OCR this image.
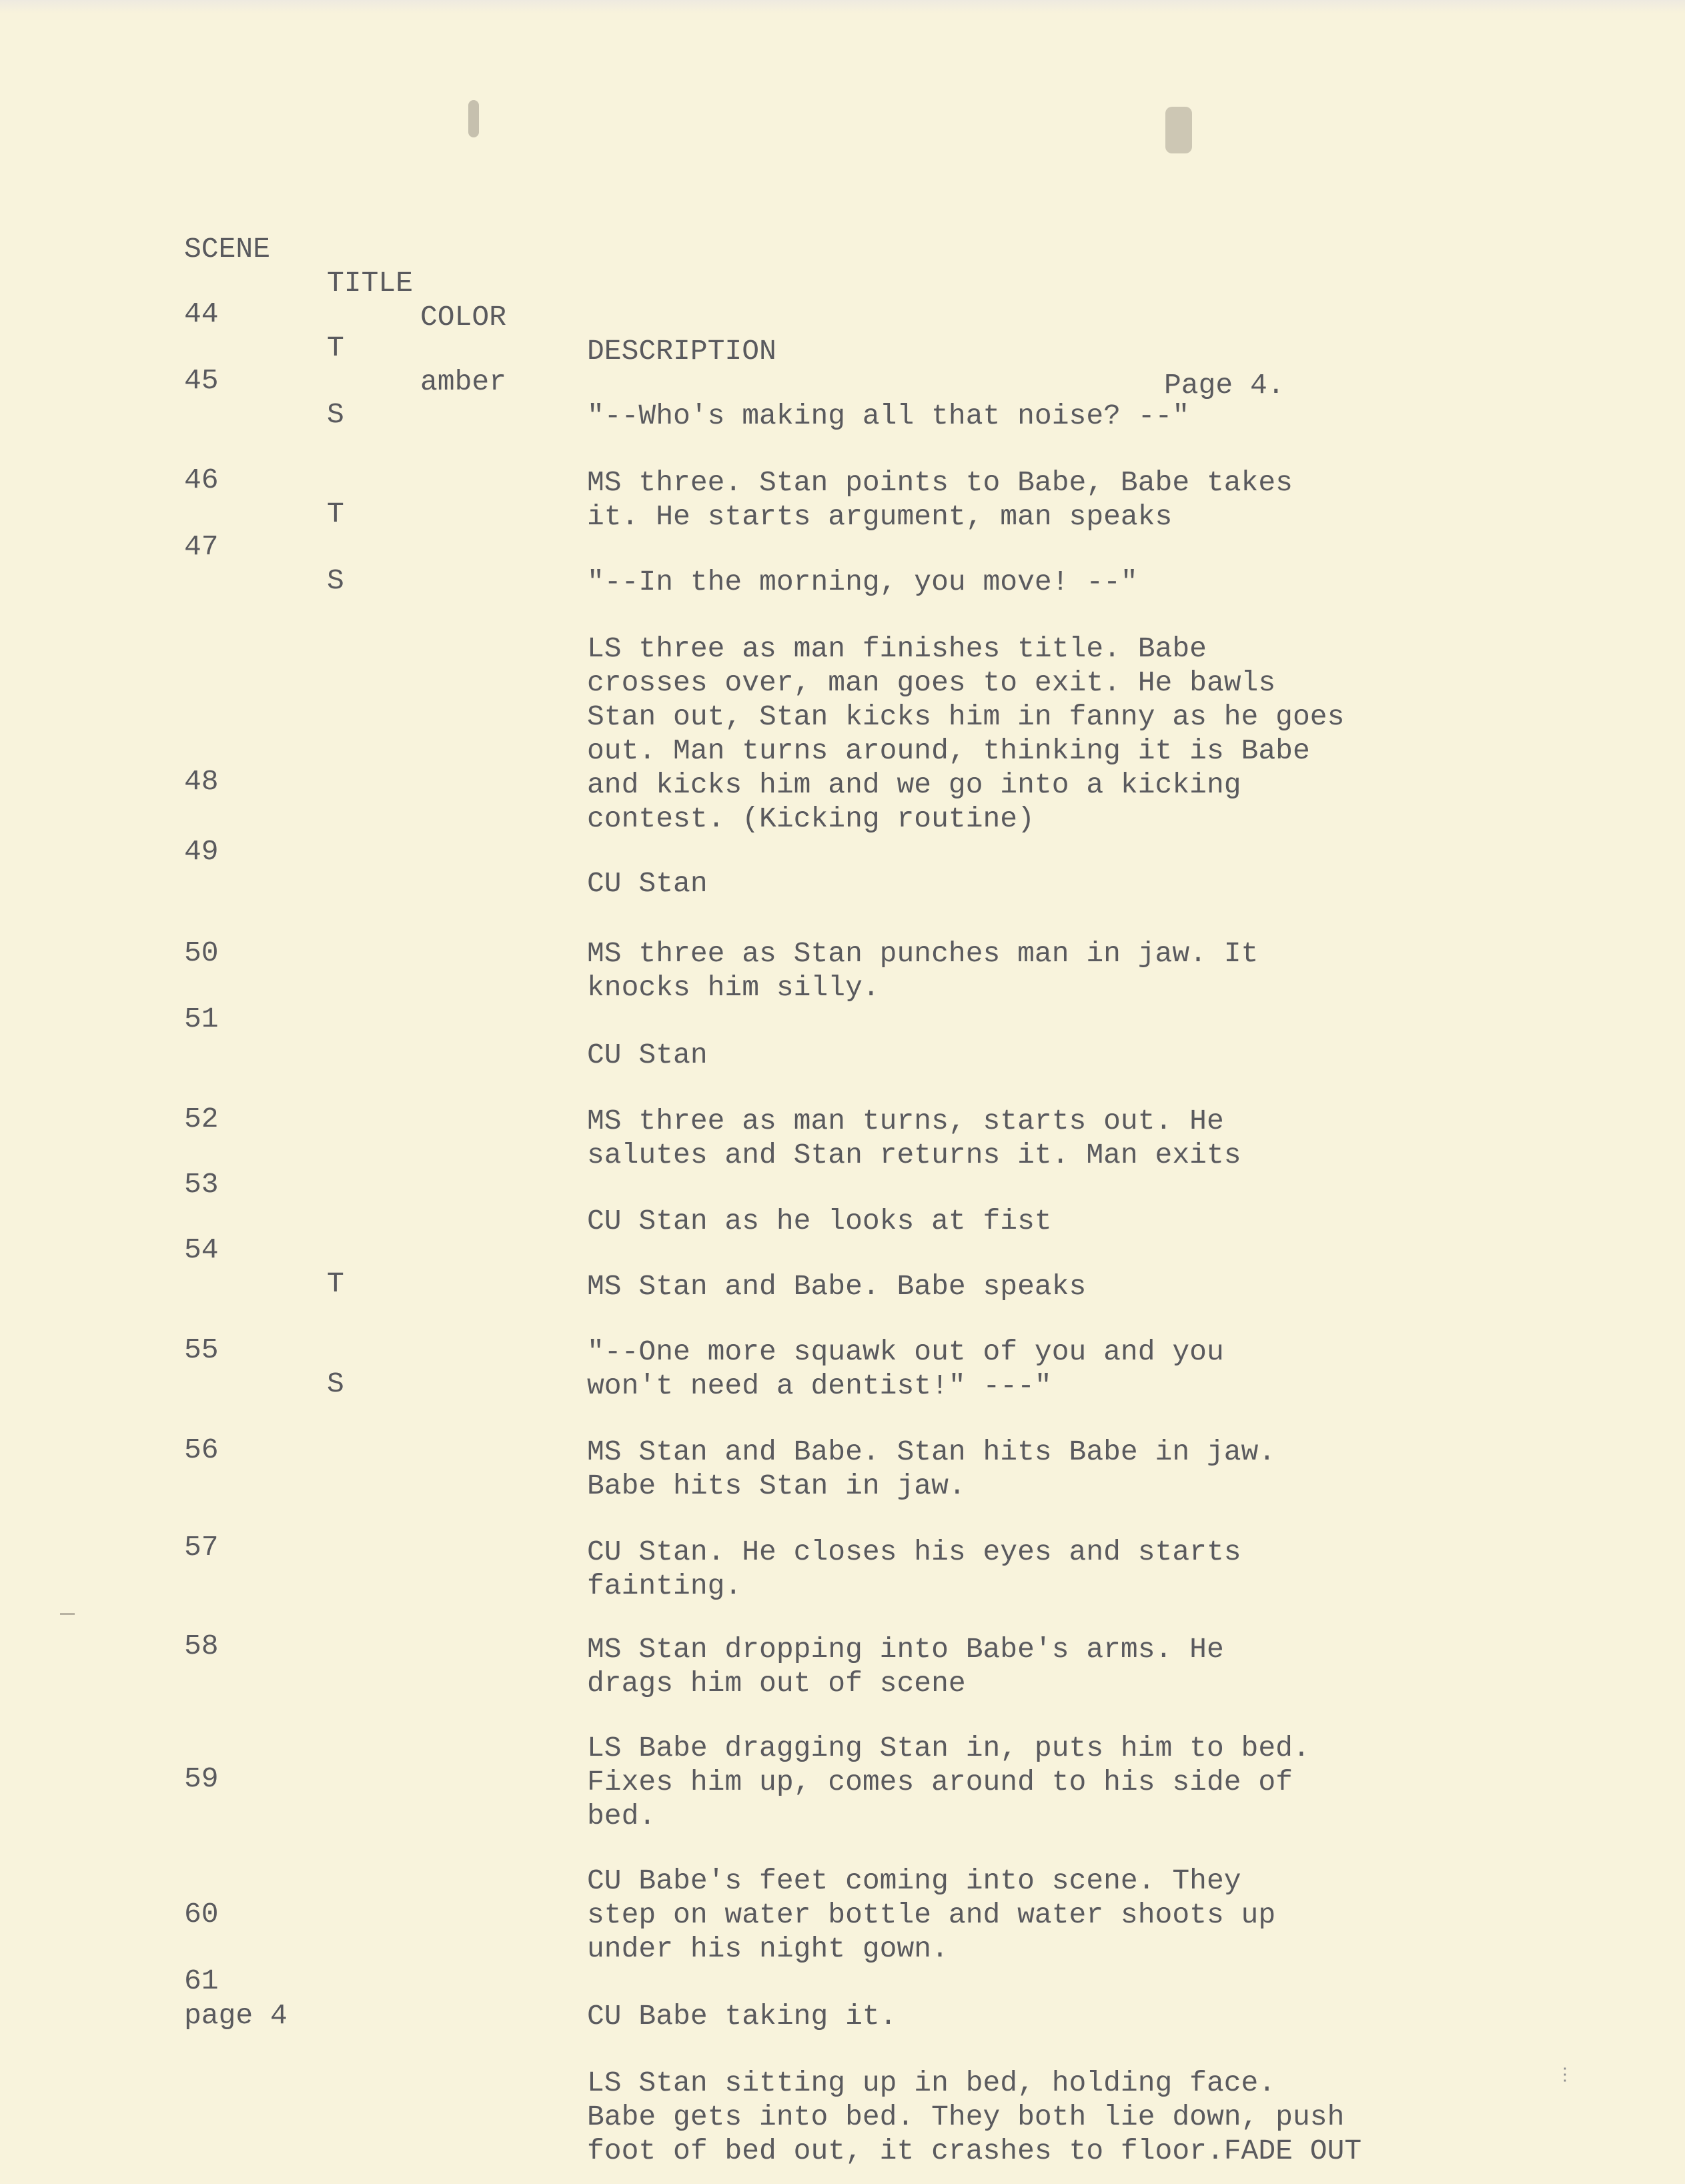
⋮

SCENE

TITLE

COLOR

DESCRIPTION

Page 4.

44

T

amber

"--Who's making all that noise? --"

45

S

MS three. Stan points to Babe, Babe takes
it. He starts argument, man speaks

46

T

"--In the morning, you move! --"

47

S

LS three as man finishes title. Babe
crosses over, man goes to exit. He bawls
Stan out, Stan kicks him in fanny as he goes
out. Man turns around, thinking it is Babe
and kicks him and we go into a kicking
contest. (Kicking routine)

48

CU Stan

49

MS three as Stan punches man in jaw. It
knocks him silly.

50

CU Stan

51

MS three as man turns, starts out. He
salutes and Stan returns it. Man exits

52

CU Stan as he looks at fist

53

MS Stan and Babe. Babe speaks

54

T

"--One more squawk out of you and you
won't need a dentist!" ---"

55

S

MS Stan and Babe. Stan hits Babe in jaw.
Babe hits Stan in jaw.

56

CU Stan. He closes his eyes and starts
fainting.

57

MS Stan dropping into Babe's arms. He
drags him out of scene

58

LS Babe dragging Stan in, puts him to bed.
Fixes him up, comes around to his side of
bed.

59

CU Babe's feet coming into scene. They
step on water bottle and water shoots up
under his night gown.

60

CU Babe taking it.

61

LS Stan sitting up in bed, holding face.
Babe gets into bed. They both lie down, push
foot of bed out, it crashes to floor.FADE OUT

page 4
